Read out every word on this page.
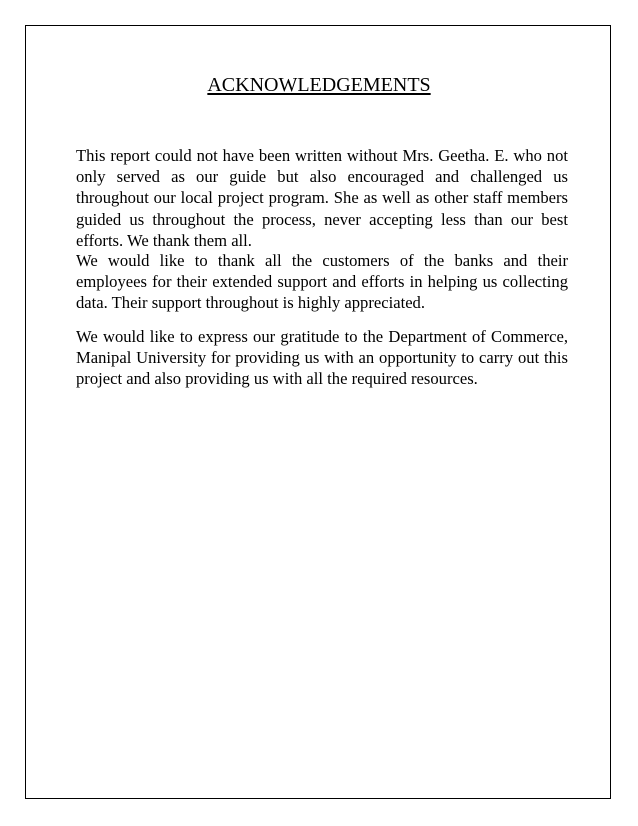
ACKNOWLEDGEMENTS
This report could not have been written without Mrs. Geetha. E. who not
only served as our guide but also encouraged and challenged us
throughout our local project program. She as well as other staff members
guided us throughout the process, never accepting less than our best
efforts. We thank them all.
We would like to thank all the customers of the banks and their
employees for their extended support and efforts in helping us collecting
data. Their support throughout is highly appreciated.
We would like to express our gratitude to the Department of Commerce,
Manipal University for providing us with an opportunity to carry out this
project and also providing us with all the required resources.
